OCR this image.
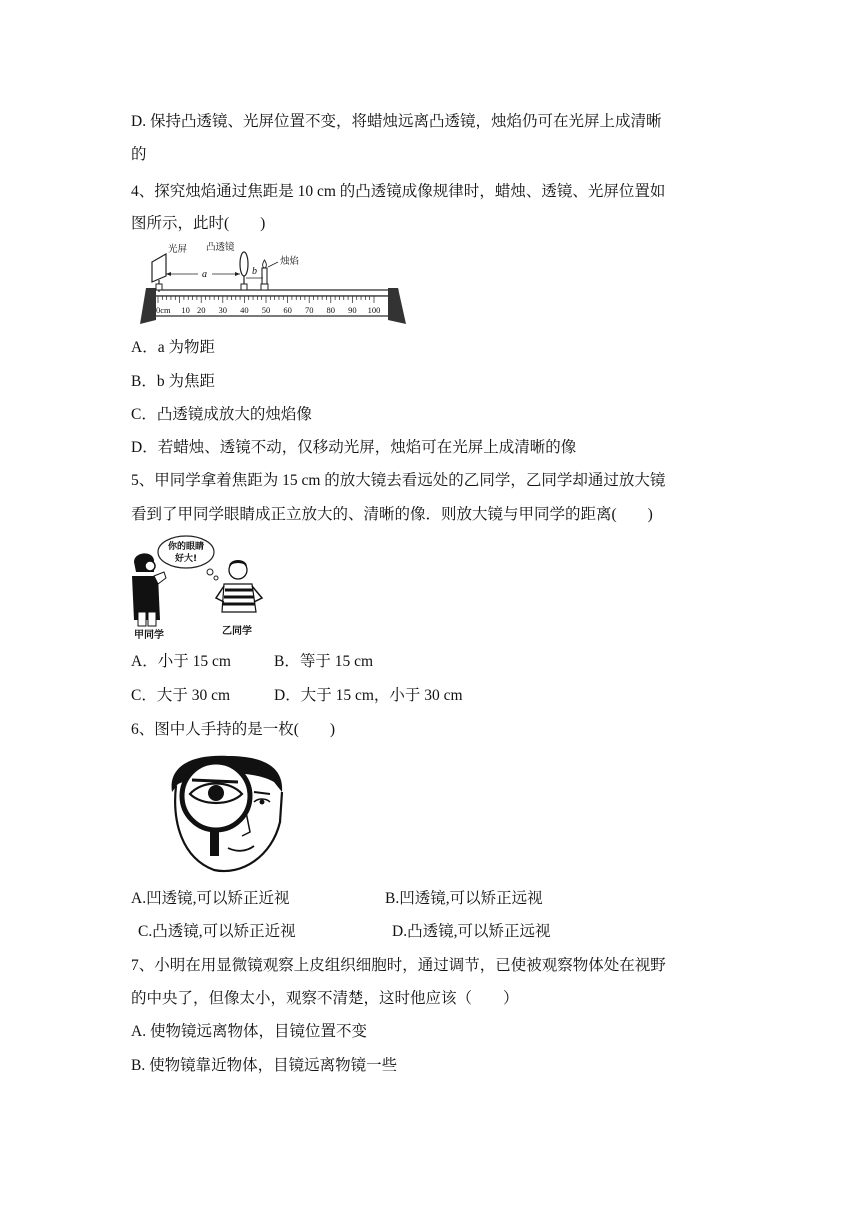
D. 保持凸透镜、光屏位置不变，将蜡烛远离凸透镜，烛焰仍可在光屏上成清晰

的

4、探究烛焰通过焦距是 10 cm 的凸透镜成像规律时，蜡烛、透镜、光屏位置如

图所示，此时(　　)

光屏 凸透镜
烛焰
a	b
0cm 10 20 30 40 50 60 70 80 90 100

A．a 为物距

B．b 为焦距

C．凸透镜成放大的烛焰像

D．若蜡烛、透镜不动，仅移动光屏，烛焰可在光屏上成清晰的像

5、甲同学拿着焦距为 15 cm 的放大镜去看远处的乙同学，乙同学却通过放大镜

看到了甲同学眼睛成正立放大的、清晰的像．则放大镜与甲同学的距离(　　)

你的眼睛
好大!
甲同学	乙同学

A．小于 15 cm	B．等于 15 cm

C．大于 30 cm	D．大于 15 cm，小于 30 cm

6、图中人手持的是一枚(　　)

A.凹透镜,可以矫正近视	B.凹透镜,可以矫正远视

C.凸透镜,可以矫正近视	D.凸透镜,可以矫正远视

7、小明在用显微镜观察上皮组织细胞时，通过调节，已使被观察物体处在视野

的中央了，但像太小，观察不清楚，这时他应该（　　）

A. 使物镜远离物体，目镜位置不变

B. 使物镜靠近物体，目镜远离物镜一些
